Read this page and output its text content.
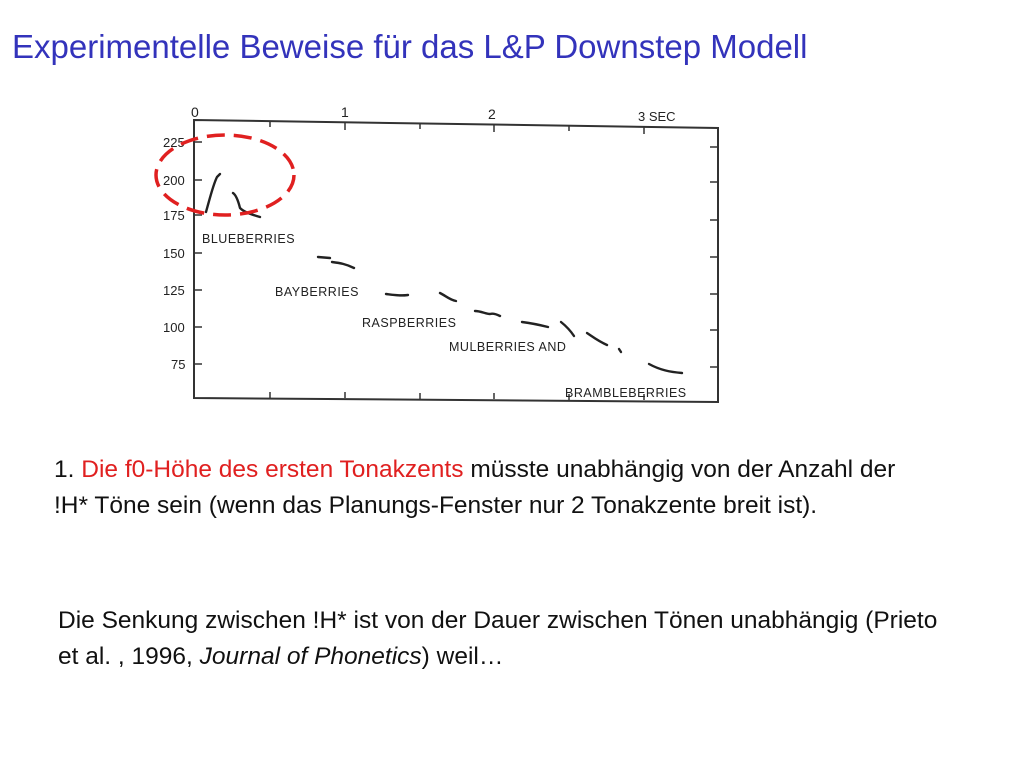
Experimentelle Beweise für das L&P Downstep Modell
0	1	2	3 SEC
225
200
175
150
125
100
75
BLUEBERRIES
BAYBERRIES
RASPBERRIES
MULBERRIES AND
BRAMBLEBERRIES
1. Die f0-Höhe des ersten Tonakzents müsste unabhängig von der Anzahl der !H* Töne sein (wenn das Planungs-Fenster nur 2 Tonakzente breit ist).
Die Senkung zwischen !H* ist von der Dauer zwischen Tönen unabhängig (Prieto et al. , 1996, Journal of Phonetics) weil…
